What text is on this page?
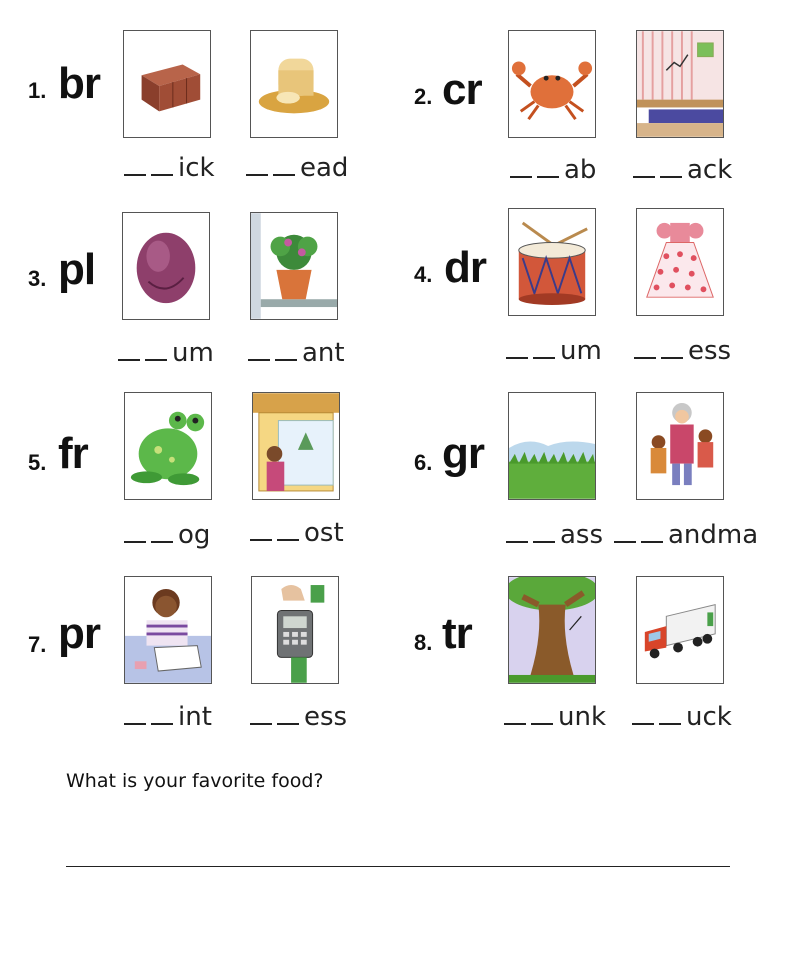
1. br
ick	ead
2. cr
ab	ack
3. pl
um	ant
4. dr
um	ess
5. fr
og	ost
6. gr
ass	andma
7. pr
int	ess
8. tr
unk	uck
What is your favorite food?
